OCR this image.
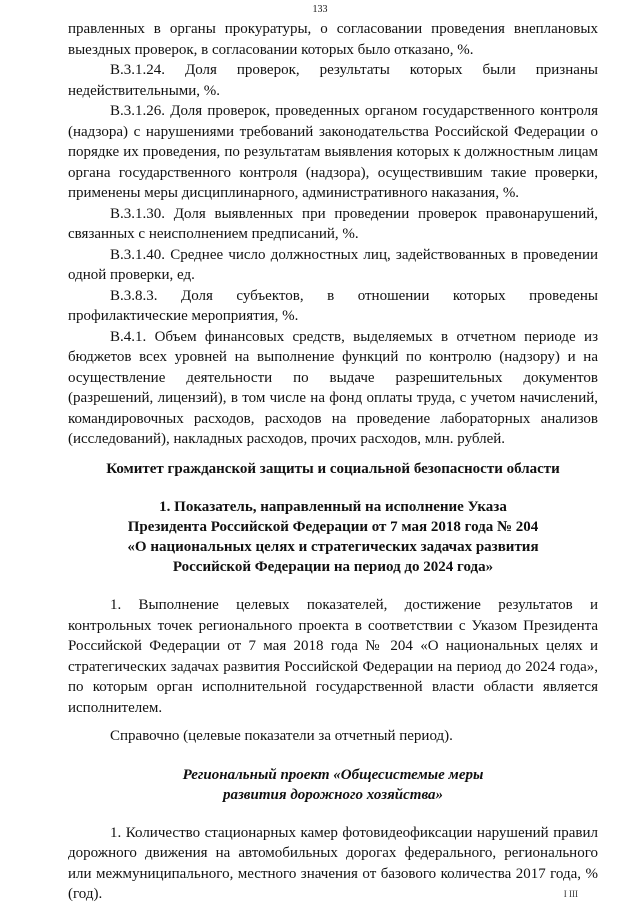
133

правленных в органы прокуратуры, о согласовании проведения внеплановых выездных проверок, в согласовании которых было отказано, %.

В.3.1.24. Доля проверок, результаты которых были признаны недействительными, %.

В.3.1.26. Доля проверок, проведенных органом государственного контроля (надзора) с нарушениями требований законодательства Российской Федерации о порядке их проведения, по результатам выявления которых к должностным лицам органа государственного контроля (надзора), осуществившим такие проверки, применены меры дисциплинарного, административного наказания, %.

В.3.1.30. Доля выявленных при проведении проверок правонарушений, связанных с неисполнением предписаний, %.

В.3.1.40. Среднее число должностных лиц, задействованных в проведении одной проверки, ед.

В.3.8.3. Доля субъектов, в отношении которых проведены профилактические мероприятия, %.

В.4.1. Объем финансовых средств, выделяемых в отчетном периоде из бюджетов всех уровней на выполнение функций по контролю (надзору) и на осуществление деятельности по выдаче разрешительных документов (разрешений, лицензий), в том числе на фонд оплаты труда, с учетом начислений, командировочных расходов, расходов на проведение лабораторных анализов (исследований), накладных расходов, прочих расходов, млн. рублей.

Комитет гражданской защиты и социальной безопасности области

1. Показатель, направленный на исполнение Указа
Президента Российской Федерации от 7 мая 2018 года № 204
«О национальных целях и стратегических задачах развития
Российской Федерации на период до 2024 года»

1. Выполнение целевых показателей, достижение результатов и контрольных точек регионального проекта в соответствии с Указом Президента Российской Федерации от 7 мая 2018 года № 204 «О национальных целях и стратегических задачах развития Российской Федерации на период до 2024 года», по которым орган исполнительной государственной власти области является исполнителем.

Справочно (целевые показатели за отчетный период).

Региональный проект «Общесистемые меры
развития дорожного хозяйства»

1. Количество стационарных камер фотовидеофиксации нарушений правил дорожного движения на автомобильных дорогах федерального, регионального или межмуниципального, местного значения от базового количества 2017 года, % (год).	I III
